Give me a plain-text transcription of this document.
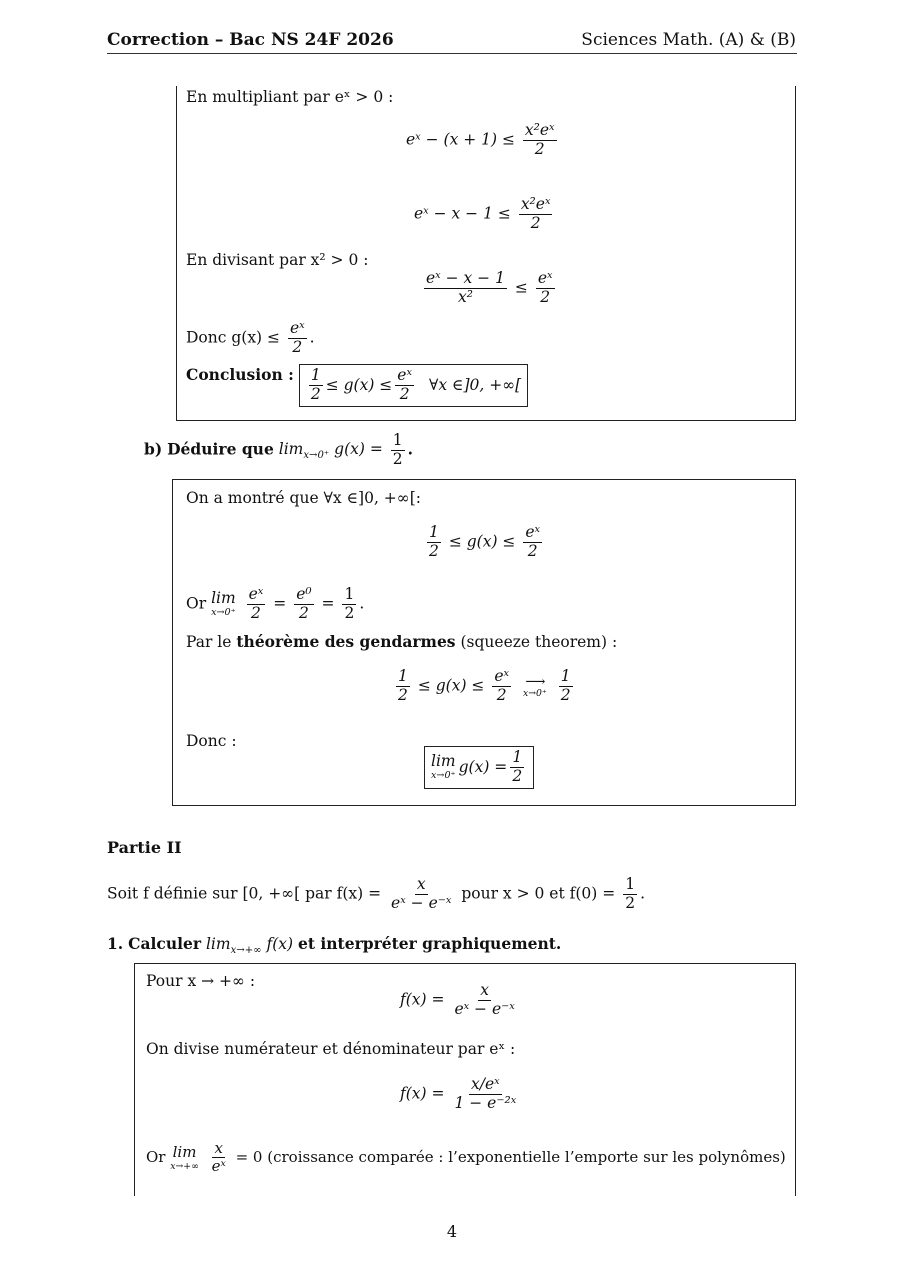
Correction – Bac NS 24F 2026	Sciences Math. (A) & (B)
En multipliant par eˣ > 0 :
eˣ − $(x + 1) \le \frac{\text{x²eˣ}}{2}$
eˣ − $x - 1 \le \frac{\text{x²eˣ}}{2}$
En divisant par x² > 0 :
$\frac{\text{eˣ − x − 1}}{\text{x²}} \le \frac{\text{eˣ}}{2}$
Donc $g(x) \le \frac{\text{eˣ}}{2}$ .
Conclusion : $\frac{1}{2} \le g(x) \le \frac{\text{eˣ}}{2}$ ∀x ∈]0, +∞[
b) Déduire que $\lim_{x\to 0^+} g(x) = \frac{1}{2}$ .
On a montré que ∀x ∈]0, +∞[:
$\frac{1}{2} \le g(x) \le \frac{\text{eˣ}}{2}$
Or lim
x→0⁺
$\frac{\text{eˣ}}{2} = \frac{\text{e⁰}}{2} = \frac{1}{2}$ .
Par le théorème des gendarmes (squeeze theorem) :
$\frac{1}{2} \le g(x) \le \frac{\text{eˣ}}{2}$
⟶
x→0⁺
$\frac{1}{2}$
Donc :
lim
x→0⁺ $g(x) = \frac{1}{2}$
Partie II
Soit f définie sur [0, +∞[ par $f(x) = \frac{x}{\text{eˣ − e⁻ˣ}}$ pour x > 0 et $f(0) = \frac{1}{2}$ .
1. Calculer $\lim_{x\to+\infty} f(x)$ et interpréter graphiquement.
Pour x → +∞ :
$f(x) = \frac{x}{\text{eˣ − e⁻ˣ}}$
On divise numérateur et dénominateur par eˣ :
$f(x) = \frac{\text{x/eˣ}}{\text{1 − e⁻²ˣ}}$
Or lim
x→+∞
$\frac{x}{\text{eˣ}} = 0$ (croissance comparée : l’exponentielle l’emporte sur les polynômes)
4
